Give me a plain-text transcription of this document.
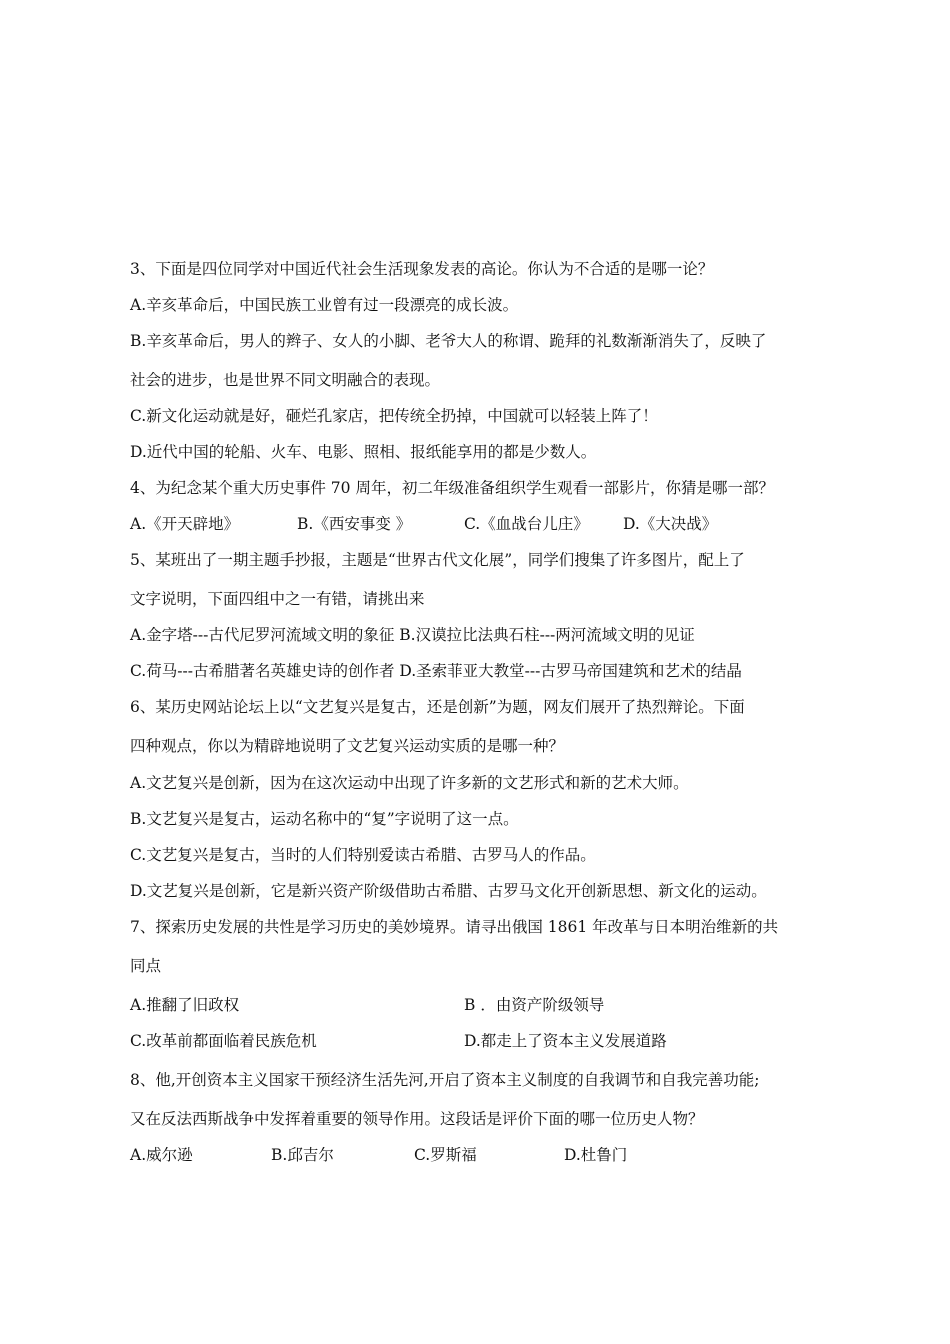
3、下面是四位同学对中国近代社会生活现象发表的高论。你认为不合适的是哪一论？
A.辛亥革命后，中国民族工业曾有过一段漂亮的成长波。
B.辛亥革命后，男人的辫子、女人的小脚、老爷大人的称谓、跪拜的礼数渐渐消失了，反映了
社会的进步，也是世界不同文明融合的表现。
C.新文化运动就是好，砸烂孔家店，把传统全扔掉，中国就可以轻装上阵了！
D.近代中国的轮船、火车、电影、照相、报纸能享用的都是少数人。
4、为纪念某个重大历史事件 70 周年，初二年级准备组织学生观看一部影片，你猜是哪一部？
A.《开天辟地》	B.《西安事变 》	C.《血战台儿庄》 D.《大决战》
5、某班出了一期主题手抄报，主题是“世界古代文化展”，同学们搜集了许多图片，配上了
文字说明，下面四组中之一有错，请挑出来
A.金字塔---古代尼罗河流域文明的象征 B.汉谟拉比法典石柱---两河流域文明的见证
C.荷马---古希腊著名英雄史诗的创作者 D.圣索菲亚大教堂---古罗马帝国建筑和艺术的结晶
6、某历史网站论坛上以“文艺复兴是复古，还是创新”为题，网友们展开了热烈辩论。下面
四种观点，你以为精辟地说明了文艺复兴运动实质的是哪一种？
A.文艺复兴是创新，因为在这次运动中出现了许多新的文艺形式和新的艺术大师。
B.文艺复兴是复古，运动名称中的“复”字说明了这一点。
C.文艺复兴是复古，当时的人们特别爱读古希腊、古罗马人的作品。
D.文艺复兴是创新，它是新兴资产阶级借助古希腊、古罗马文化开创新思想、新文化的运动。
7、探索历史发展的共性是学习历史的美妙境界。请寻出俄国 1861 年改革与日本明治维新的共
同点
A.推翻了旧政权	B ．由资产阶级领导
C.改革前都面临着民族危机	D.都走上了资本主义发展道路
8、他,开创资本主义国家干预经济生活先河,开启了资本主义制度的自我调节和自我完善功能;
又在反法西斯战争中发挥着重要的领导作用。这段话是评价下面的哪一位历史人物？
A.威尔逊	B.邱吉尔	C.罗斯福	D.杜鲁门
